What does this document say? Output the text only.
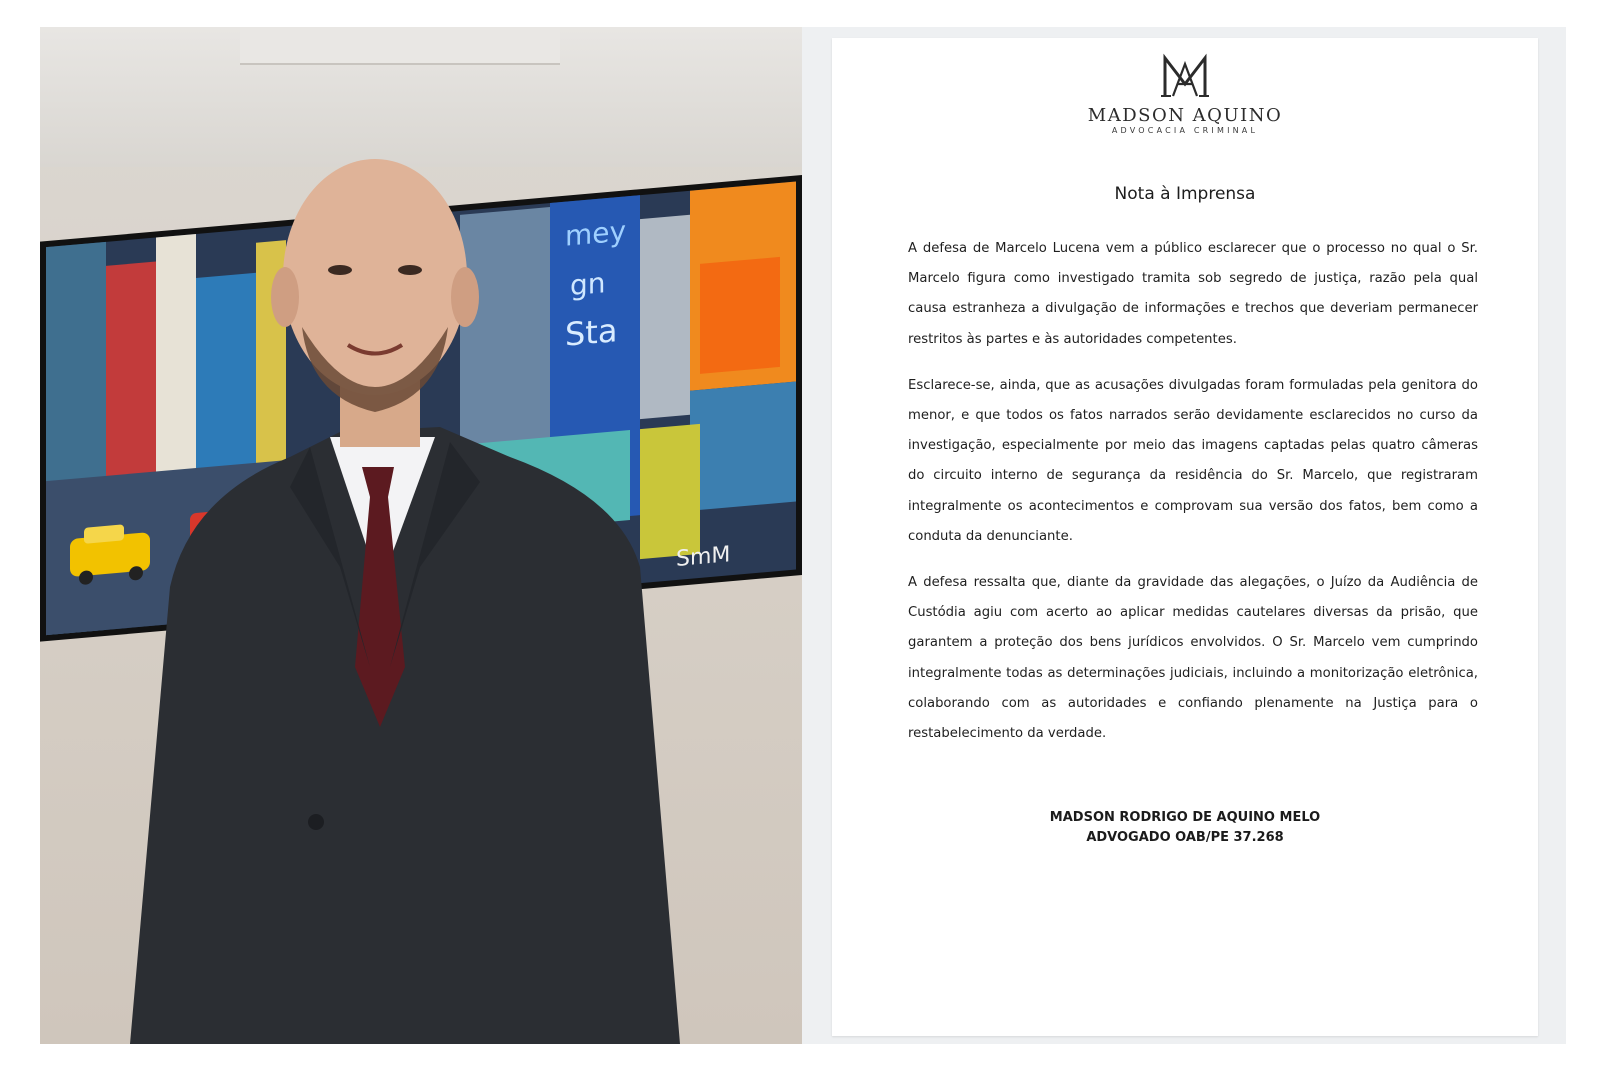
mey
gn
Sta
SmM
MADSON AQUINO
ADVOCACIA CRIMINAL
Nota à Imprensa

A defesa de Marcelo Lucena vem a público esclarecer que o processo no qual o Sr. Marcelo figura como investigado tramita sob segredo de justiça, razão pela qual causa estranheza a divulgação de informações e trechos que deveriam permanecer restritos às partes e às autoridades competentes.

Esclarece-se, ainda, que as acusações divulgadas foram formuladas pela genitora do menor, e que todos os fatos narrados serão devidamente esclarecidos no curso da investigação, especialmente por meio das imagens captadas pelas quatro câmeras do circuito interno de segurança da residência do Sr. Marcelo, que registraram integralmente os acontecimentos e comprovam sua versão dos fatos, bem como a conduta da denunciante.

A defesa ressalta que, diante da gravidade das alegações, o Juízo da Audiência de Custódia agiu com acerto ao aplicar medidas cautelares diversas da prisão, que garantem a proteção dos bens jurídicos envolvidos. O Sr. Marcelo vem cumprindo integralmente todas as determinações judiciais, incluindo a monitorização eletrônica, colaborando com as autoridades e confiando plenamente na Justiça para o restabelecimento da verdade.

MADSON RODRIGO DE AQUINO MELO
ADVOGADO OAB/PE 37.268
